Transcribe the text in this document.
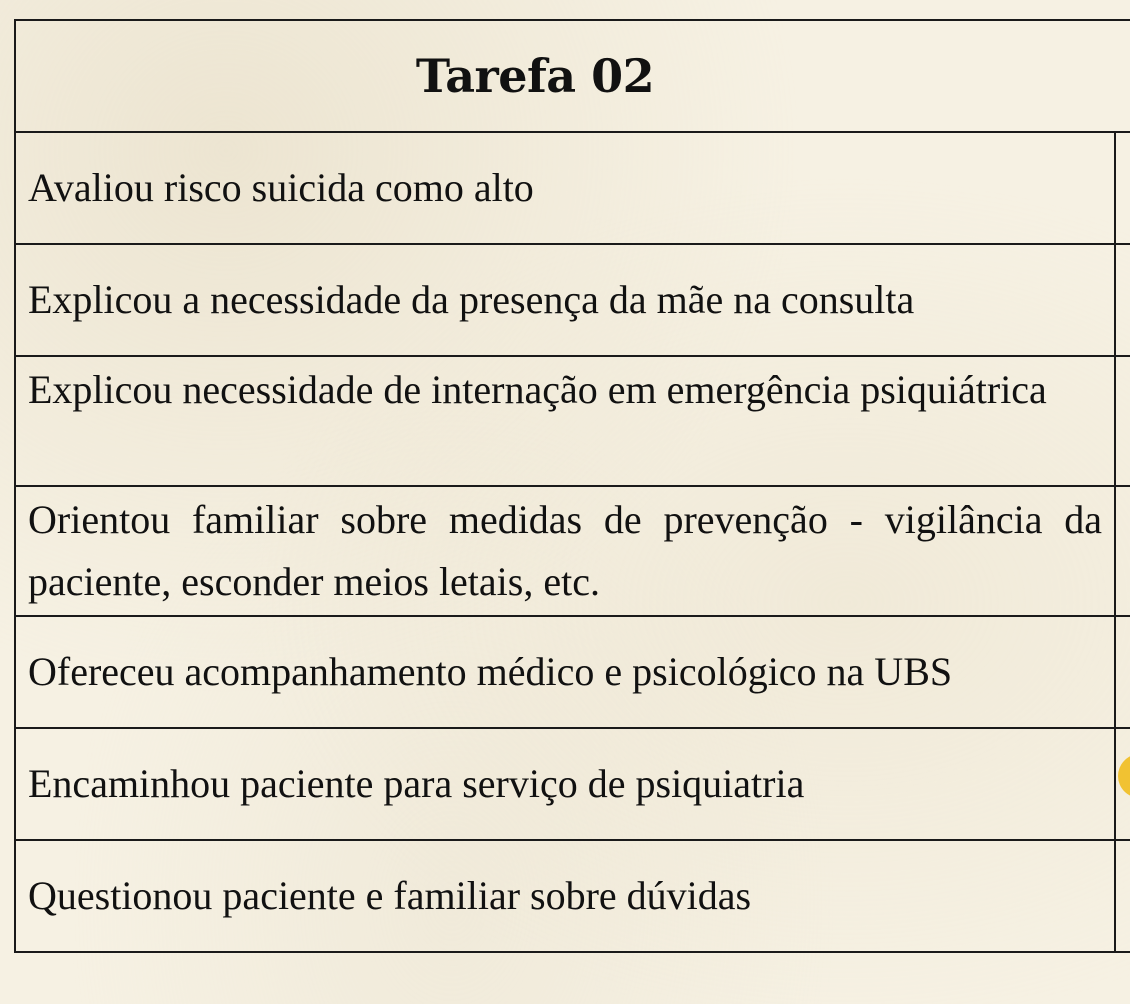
Tarefa 02
Avaliou risco suicida como alto
Explicou a necessidade da presença da mãe na consulta
Explicou necessidade de internação em emergência psiquiátrica
Orientou familiar sobre medidas de prevenção - vigilância da paciente, esconder meios letais, etc.
Ofereceu acompanhamento médico e psicológico na UBS
Encaminhou paciente para serviço de psiquiatria
Questionou paciente e familiar sobre dúvidas
